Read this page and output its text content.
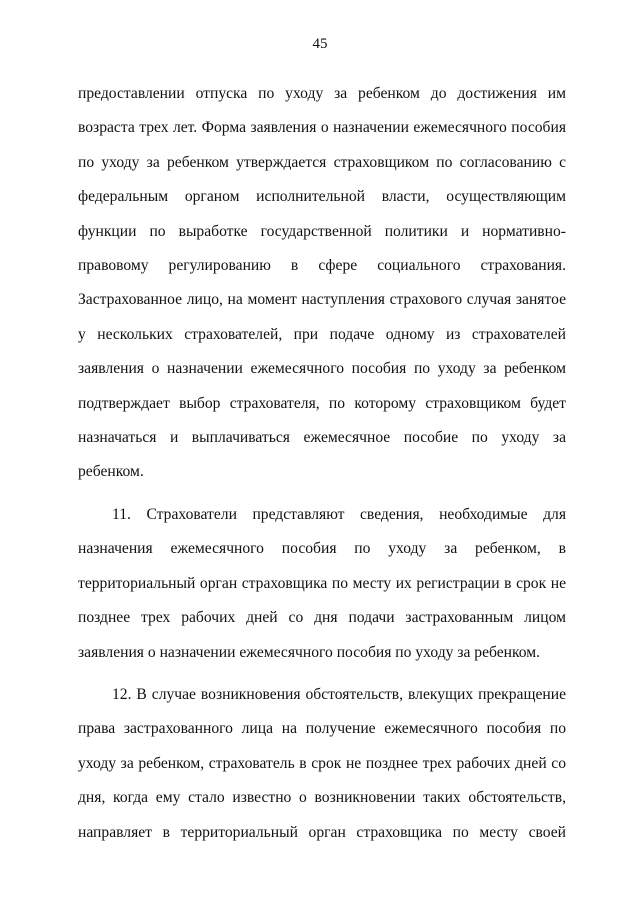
45

предоставлении отпуска по уходу за ребенком до достижения им возраста трех лет. Форма заявления о назначении ежемесячного пособия по уходу за ребенком утверждается страховщиком по согласованию с федеральным органом исполнительной власти, осуществляющим функции по выработке государственной политики и нормативно-правовому регулированию в сфере социального страхования. Застрахованное лицо, на момент наступления страхового случая занятое у нескольких страхователей, при подаче одному из страхователей заявления о назначении ежемесячного пособия по уходу за ребенком подтверждает выбор страхователя, по которому страховщиком будет назначаться и выплачиваться ежемесячное пособие по уходу за ребенком.

11. Страхователи представляют сведения, необходимые для назначения ежемесячного пособия по уходу за ребенком, в территориальный орган страховщика по месту их регистрации в срок не позднее трех рабочих дней со дня подачи застрахованным лицом заявления о назначении ежемесячного пособия по уходу за ребенком.

12. В случае возникновения обстоятельств, влекущих прекращение права застрахованного лица на получение ежемесячного пособия по уходу за ребенком, страхователь в срок не позднее трех рабочих дней со дня, когда ему стало известно о возникновении таких обстоятельств, направляет в территориальный орган страховщика по месту своей
